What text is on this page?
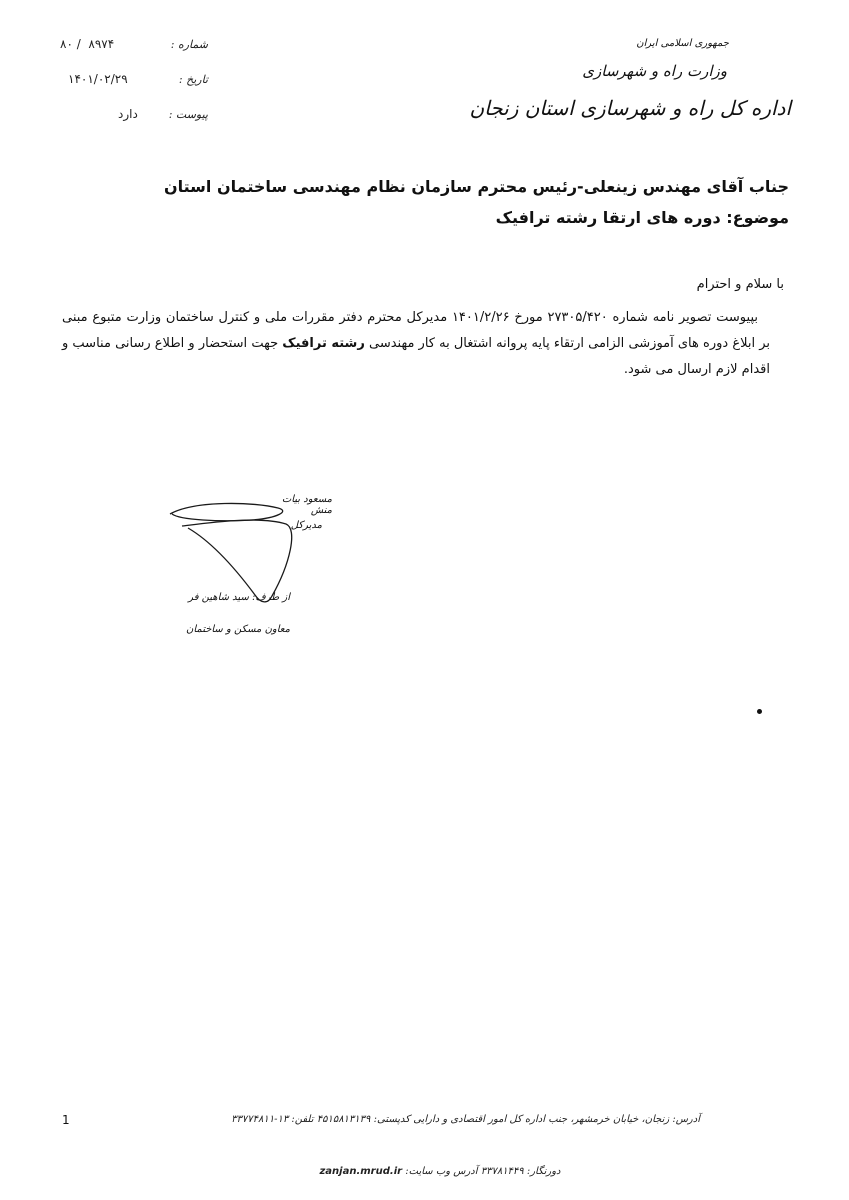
شماره :
۸۰ /  ۸۹۷۴
تاریخ :
۱۴۰۱/۰۲/۲۹
پیوست :
دارد
جمهوری اسلامی ایران
وزارت راه و شهرسازی
اداره کل راه و شهرسازی استان زنجان
جناب آقای مهندس زینعلی-رئیس محترم سازمان نظام مهندسی ساختمان استان
موضوع: دوره های ارتقا رشته ترافیک
با سلام و احترام
بپیوست تصویر نامه شماره ۲۷۳۰۵/۴۲۰ مورخ ۱۴۰۱/۲/۲۶ مدیرکل محترم دفتر مقررات ملی و کنترل ساختمان وزارت متبوع مبنی بر ابلاغ دوره های آموزشی الزامی ارتقاء پایه پروانه اشتغال به کار مهندسی رشته ترافیک جهت استحضار و اطلاع رسانی مناسب و اقدام لازم ارسال می شود.
مسعود بیات منش
مدیرکل
از طرف: سید شاهین فر
معاون مسکن و ساختمان
1	آدرس: زنجان، خیابان خرمشهر، جنب اداره کل امور اقتصادی و دارایی کدپستی: ۴۵۱۵۸۱۳۱۳۹ تلفن: ۱۳-۳۳۷۷۴۸۱۱
دورنگار: ۳۳۷۸۱۴۴۹ آدرس وب سایت: zanjan.mrud.ir
